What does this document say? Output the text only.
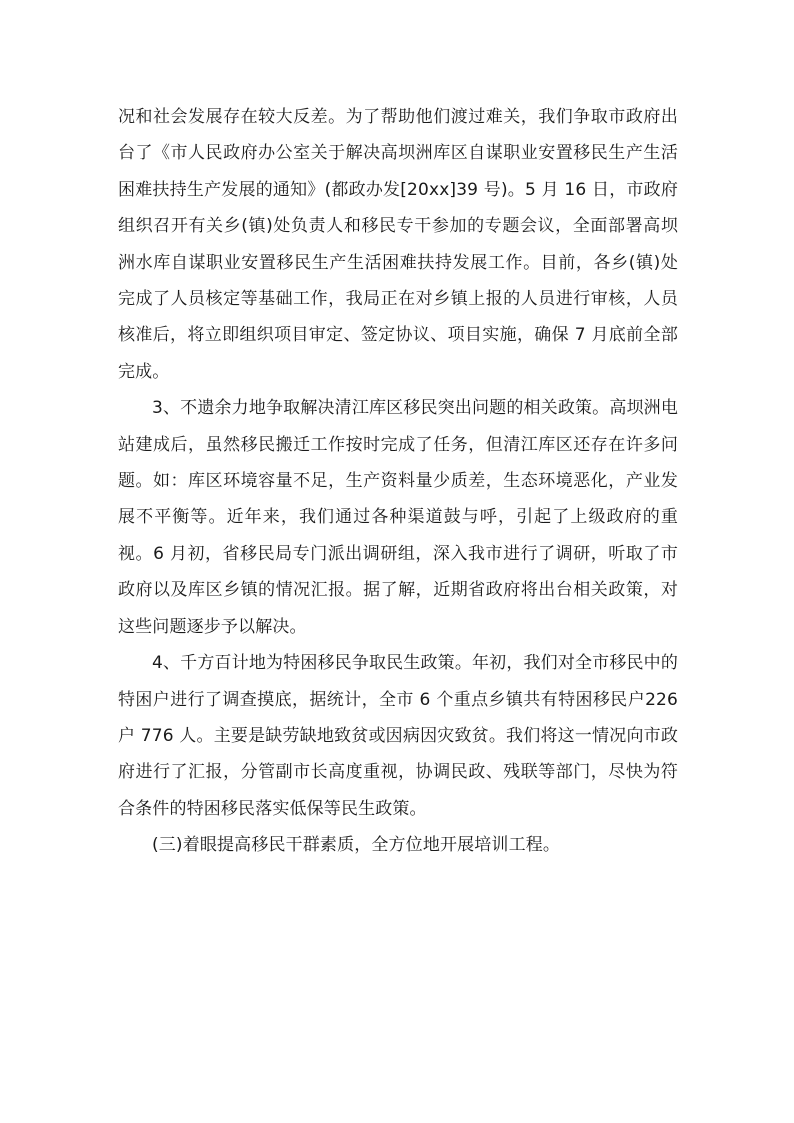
况和社会发展存在较大反差。为了帮助他们渡过难关，我们争取市政府出台了《市人民政府办公室关于解决高坝洲库区自谋职业安置移民生产生活困难扶持生产发展的通知》(都政办发[20xx]39 号)。5 月 16 日，市政府组织召开有关乡(镇)处负责人和移民专干参加的专题会议，全面部署高坝洲水库自谋职业安置移民生产生活困难扶持发展工作。目前，各乡(镇)处完成了人员核定等基础工作，我局正在对乡镇上报的人员进行审核，人员核准后，将立即组织项目审定、签定协议、项目实施，确保 7 月底前全部完成。

3、不遗余力地争取解决清江库区移民突出问题的相关政策。高坝洲电站建成后，虽然移民搬迁工作按时完成了任务，但清江库区还存在许多问题。如：库区环境容量不足，生产资料量少质差，生态环境恶化，产业发展不平衡等。近年来，我们通过各种渠道鼓与呼，引起了上级政府的重视。6 月初，省移民局专门派出调研组，深入我市进行了调研，听取了市政府以及库区乡镇的情况汇报。据了解，近期省政府将出台相关政策，对这些问题逐步予以解决。

4、千方百计地为特困移民争取民生政策。年初，我们对全市移民中的特困户进行了调查摸底，据统计，全市 6 个重点乡镇共有特困移民户226 户 776 人。主要是缺劳缺地致贫或因病因灾致贫。我们将这一情况向市政府进行了汇报，分管副市长高度重视，协调民政、残联等部门，尽快为符合条件的特困移民落实低保等民生政策。

(三)着眼提高移民干群素质，全方位地开展培训工程。
